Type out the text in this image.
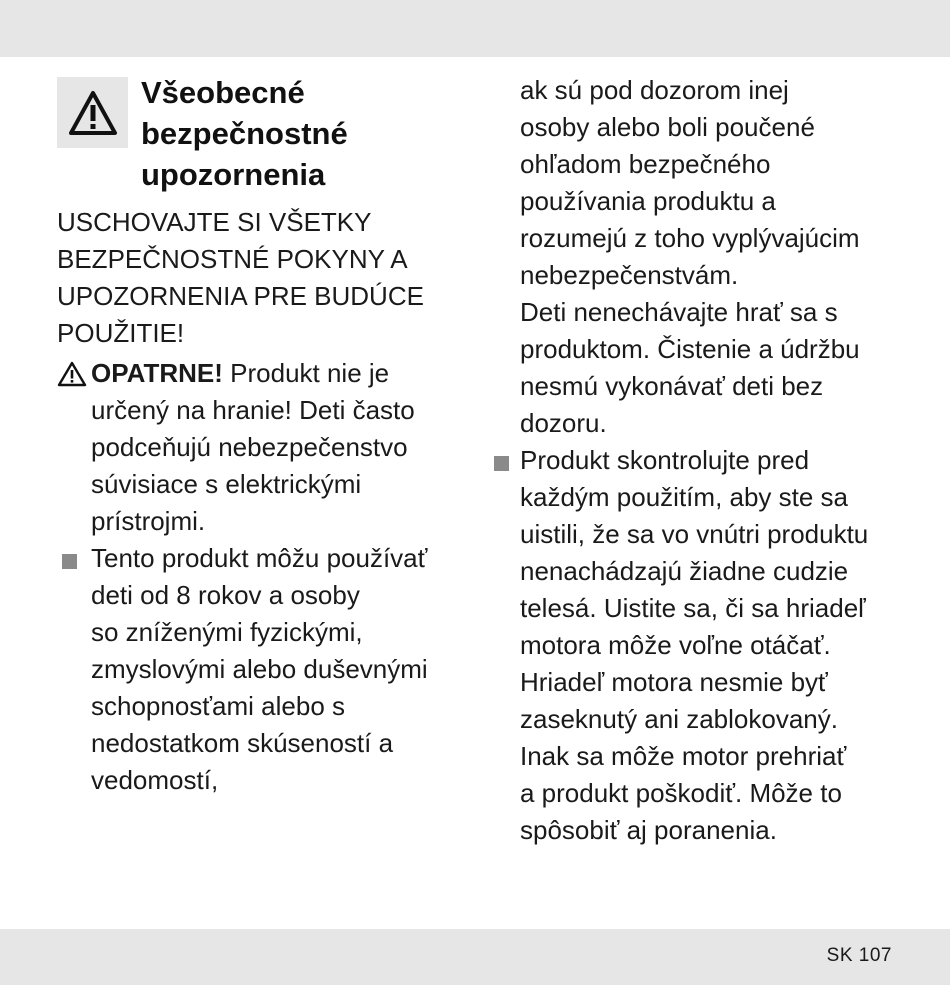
Všeobecné
bezpečnostné
upozornenia

USCHOVAJTE SI VŠETKY
BEZPEČNOSTNÉ POKYNY A
UPOZORNENIA PRE BUDÚCE
POUŽITIE!

OPATRNE! Produkt nie je
určený na hranie! Deti často
podceňujú nebezpečenstvo
súvisiace s elektrickými
prístrojmi.
Tento produkt môžu používať
deti od 8 rokov a osoby
so zníženými fyzickými,
zmyslovými alebo duševnými
schopnosťami alebo s
nedostatkom skúseností a
vedomostí,

ak sú pod dozorom inej
osoby alebo boli poučené
ohľadom bezpečného
používania produktu a
rozumejú z toho vyplývajúcim
nebezpečenstvám.
Deti nenechávajte hrať sa s
produktom. Čistenie a údržbu
nesmú vykonávať deti bez
dozoru.

Produkt skontrolujte pred
každým použitím, aby ste sa
uistili, že sa vo vnútri produktu
nenachádzajú žiadne cudzie
telesá. Uistite sa, či sa hriadeľ
motora môže voľne otáčať.
Hriadeľ motora nesmie byť
zaseknutý ani zablokovaný.
Inak sa môže motor prehriať
a produkt poškodiť. Môže to
spôsobiť aj poranenia.
SK 107
